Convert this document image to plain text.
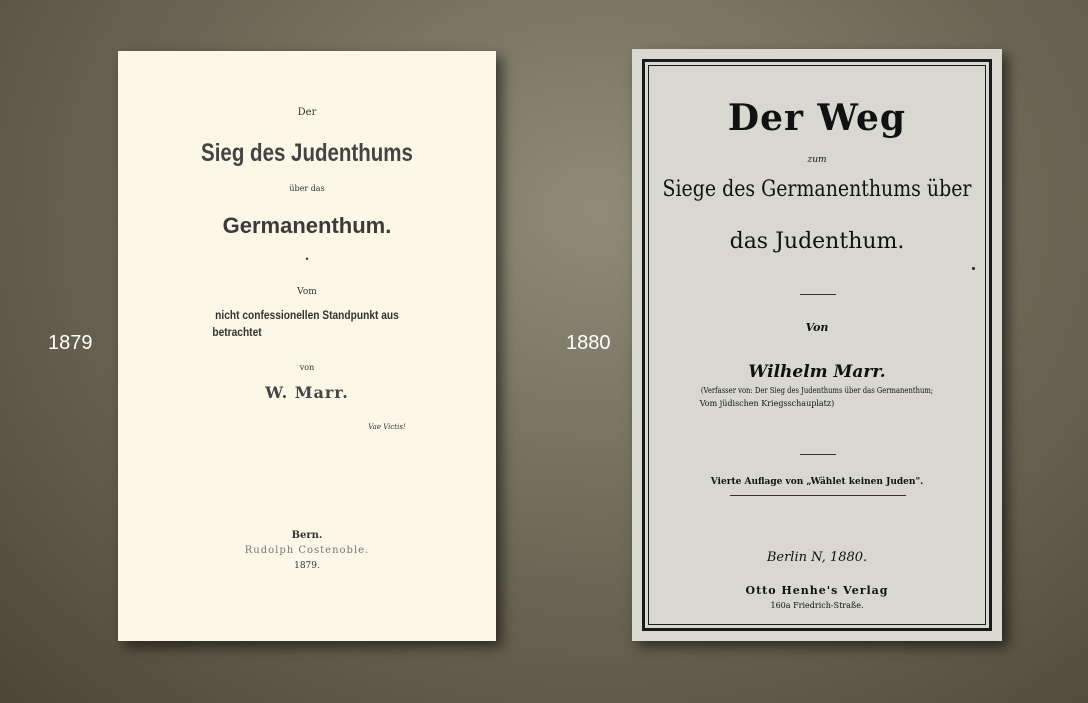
1879	1880
Der
Sieg des Judenthums
über das
Germanenthum.
•
Vom
nicht confessionellen Standpunkt aus
betrachtet
von
W. Marr.
Vae Victis!
Bern.
Rudolph Costenoble.
1879.
Der Weg
zum
Siege des Germanenthums über
das Judenthum.
Von
Wilhelm Marr.
(Verfasser von: Der Sieg des Judenthums über das Germanenthum;
Vom jüdischen Kriegsschauplatz)
Vierte Auflage von „Wählet keinen Juden".
Berlin N, 1880.
Otto Henhe's Verlag
160a Friedrich-Straße.
